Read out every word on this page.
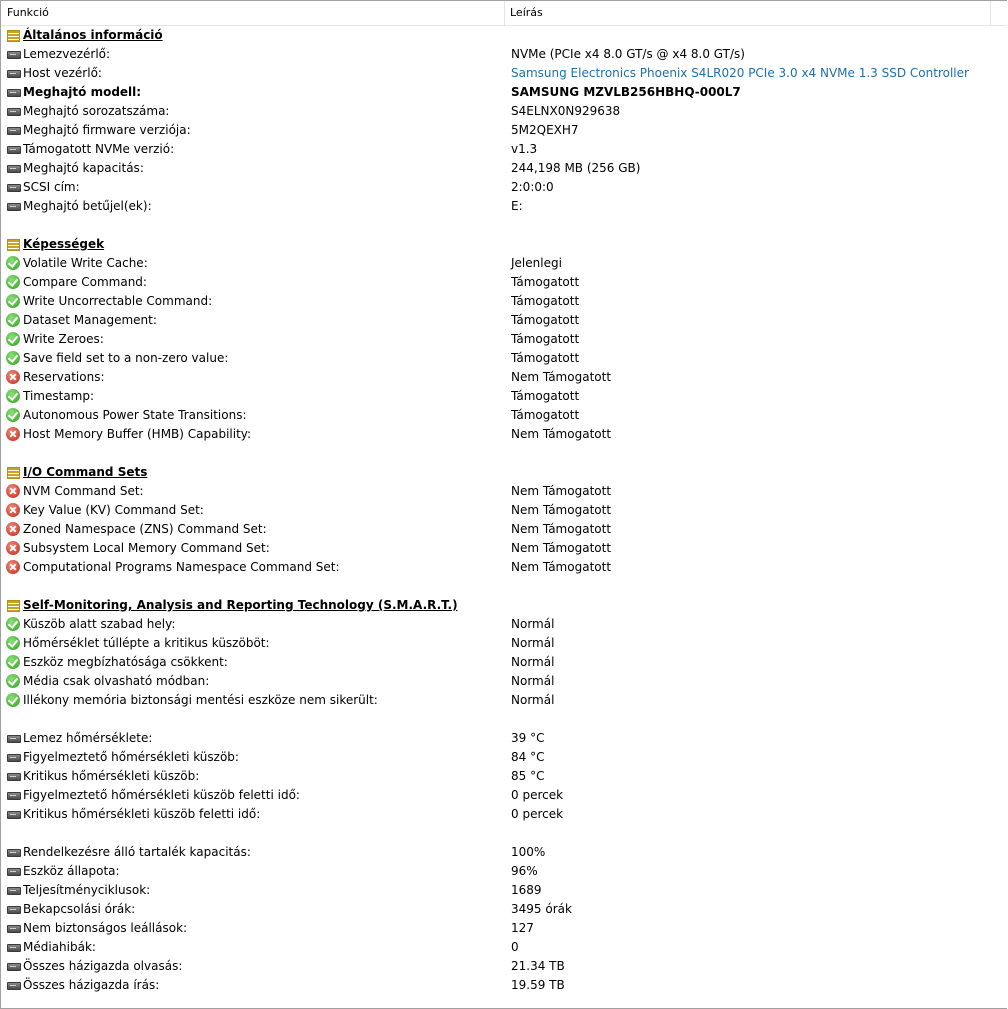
Funkció	Leírás
Általános információ
Lemezvezérlő:	NVMe (PCIe x4 8.0 GT/s @ x4 8.0 GT/s)
Host vezérlő:	Samsung Electronics Phoenix S4LR020 PCIe 3.0 x4 NVMe 1.3 SSD Controller
Meghajtó modell:	SAMSUNG MZVLB256HBHQ-000L7
Meghajtó sorozatszáma:	S4ELNX0N929638
Meghajtó firmware verziója:	5M2QEXH7
Támogatott NVMe verzió:	v1.3
Meghajtó kapacitás:	244,198 MB (256 GB)
SCSI cím:	2:0:0:0
Meghajtó betűjel(ek):	E:
Képességek
Volatile Write Cache:	Jelenlegi
Compare Command:	Támogatott
Write Uncorrectable Command:	Támogatott
Dataset Management:	Támogatott
Write Zeroes:	Támogatott
Save field set to a non-zero value:	Támogatott
Reservations:	Nem Támogatott
Timestamp:	Támogatott
Autonomous Power State Transitions:	Támogatott
Host Memory Buffer (HMB) Capability:	Nem Támogatott
I/O Command Sets
NVM Command Set:	Nem Támogatott
Key Value (KV) Command Set:	Nem Támogatott
Zoned Namespace (ZNS) Command Set:	Nem Támogatott
Subsystem Local Memory Command Set:	Nem Támogatott
Computational Programs Namespace Command Set:	Nem Támogatott
Self-Monitoring, Analysis and Reporting Technology (S.M.A.R.T.)
Küszöb alatt szabad hely:	Normál
Hőmérséklet túllépte a kritikus küszöböt:	Normál
Eszköz megbízhatósága csökkent:	Normál
Média csak olvasható módban:	Normál
Illékony memória biztonsági mentési eszköze nem sikerült:	Normál
Lemez hőmérséklete:	39 °C
Figyelmeztető hőmérsékleti küszöb:	84 °C
Kritikus hőmérsékleti küszöb:	85 °C
Figyelmeztető hőmérsékleti küszöb feletti idő:	0 percek
Kritikus hőmérsékleti küszöb feletti idő:	0 percek
Rendelkezésre álló tartalék kapacitás:	100%
Eszköz állapota:	96%
Teljesítményciklusok:	1689
Bekapcsolási órák:	3495 órák
Nem biztonságos leállások:	127
Médiahibák:	0
Összes házigazda olvasás:	21.34 TB
Összes házigazda írás:	19.59 TB
